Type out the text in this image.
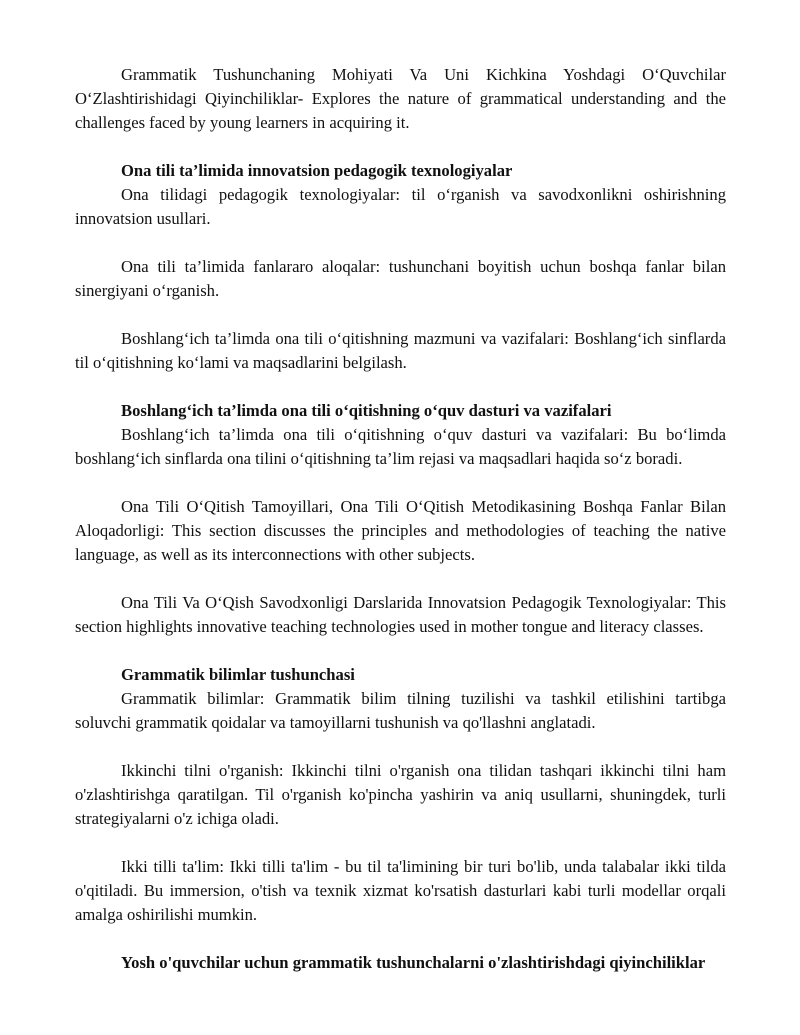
Grammatik Tushunchaning Mohiyati Va Uni Kichkina Yoshdagi O‘Quvchilar O‘Zlashtirishidagi Qiyinchiliklar- Explores the nature of grammatical understanding and the challenges faced by young learners in acquiring it.

Ona tili ta’limida innovatsion pedagogik texnologiyalar

Ona tilidagi pedagogik texnologiyalar: til o‘rganish va savodxonlikni oshirishning innovatsion usullari.

Ona tili ta’limida fanlararo aloqalar: tushunchani boyitish uchun boshqa fanlar bilan sinergiyani o‘rganish.

Boshlang‘ich ta’limda ona tili o‘qitishning mazmuni va vazifalari: Boshlang‘ich sinflarda til o‘qitishning ko‘lami va maqsadlarini belgilash.

Boshlang‘ich ta’limda ona tili o‘qitishning o‘quv dasturi va vazifalari

Boshlang‘ich ta’limda ona tili o‘qitishning o‘quv dasturi va vazifalari: Bu bo‘limda boshlang‘ich sinflarda ona tilini o‘qitishning ta’lim rejasi va maqsadlari haqida so‘z boradi.

Ona Tili O‘Qitish Tamoyillari, Ona Tili O‘Qitish Metodikasining Boshqa Fanlar Bilan Aloqadorligi: This section discusses the principles and methodologies of teaching the native language, as well as its interconnections with other subjects.

Ona Tili Va O‘Qish Savodxonligi Darslarida Innovatsion Pedagogik Texnologiyalar: This section highlights innovative teaching technologies used in mother tongue and literacy classes.

Grammatik bilimlar tushunchasi

Grammatik bilimlar: Grammatik bilim tilning tuzilishi va tashkil etilishini tartibga soluvchi grammatik qoidalar va tamoyillarni tushunish va qo'llashni anglatadi.

Ikkinchi tilni o'rganish: Ikkinchi tilni o'rganish ona tilidan tashqari ikkinchi tilni ham o'zlashtirishga qaratilgan. Til o'rganish ko'pincha yashirin va aniq usullarni, shuningdek, turli strategiyalarni o'z ichiga oladi.

Ikki tilli ta'lim: Ikki tilli ta'lim - bu til ta'limining bir turi bo'lib, unda talabalar ikki tilda o'qitiladi. Bu immersion, o'tish va texnik xizmat ko'rsatish dasturlari kabi turli modellar orqali amalga oshirilishi mumkin.

Yosh o'quvchilar uchun grammatik tushunchalarni o'zlashtirishdagi qiyinchiliklar
